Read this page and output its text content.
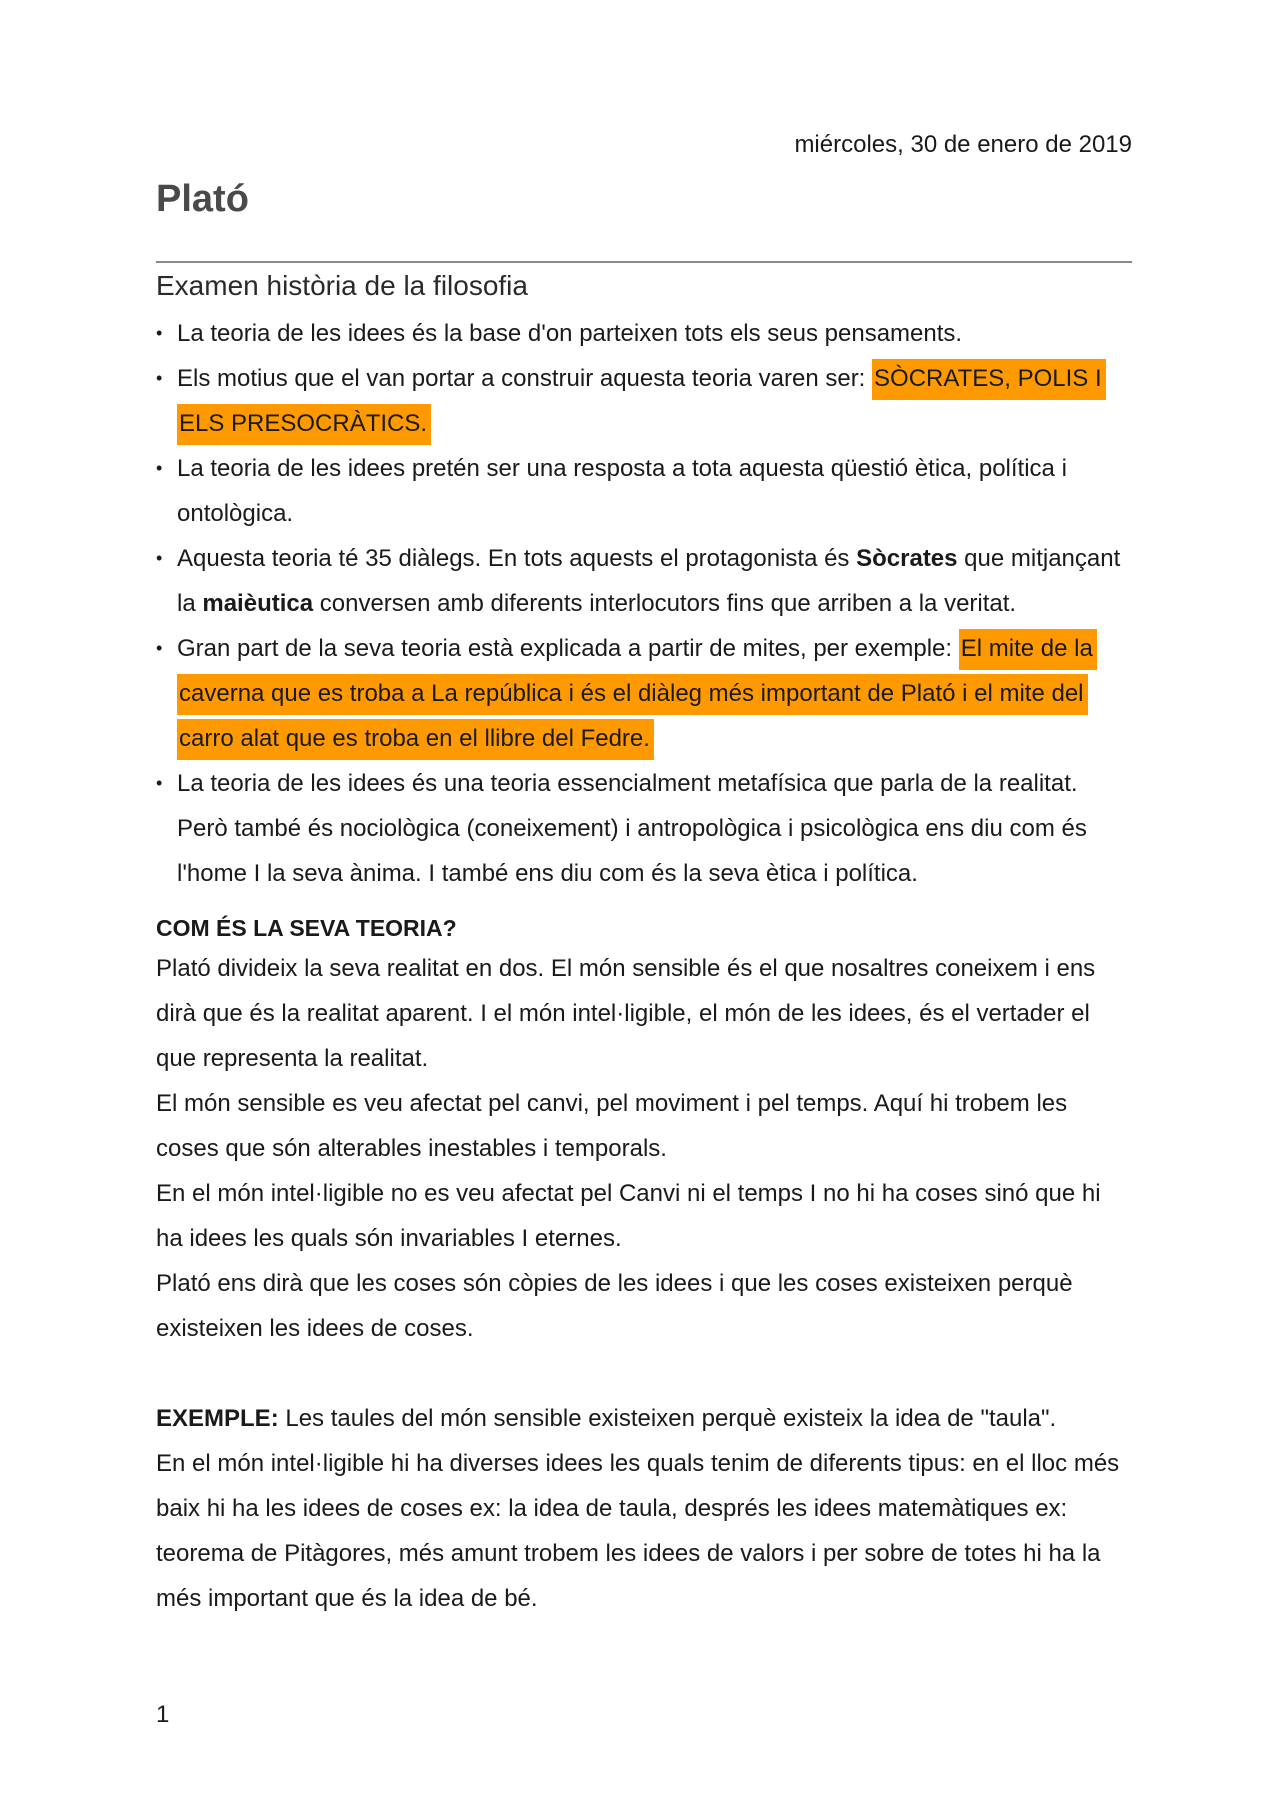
miércoles, 30 de enero de 2019
Plató
Examen història de la filosofia
• La teoria de les idees és la base d'on parteixen tots els seus pensaments.
• Els motius que el van portar a construir aquesta teoria varen ser: SÒCRATES, POLIS I ELS PRESOCRÀTICS.
• La teoria de les idees pretén ser una resposta a tota aquesta qüestió ètica, política i ontològica.
• Aquesta teoria té 35 diàlegs. En tots aquests el protagonista és Sòcrates que mitjançant la maièutica conversen amb diferents interlocutors fins que arriben a la veritat.
• Gran part de la seva teoria està explicada a partir de mites, per exemple: El mite de la caverna que es troba a La república i és el diàleg més important de Plató i el mite del carro alat que es troba en el llibre del Fedre.
• La teoria de les idees és una teoria essencialment metafísica que parla de la realitat. Però també és nociològica (coneixement) i antropològica i psicològica ens diu com és l'home I la seva ànima. I també ens diu com és la seva ètica i política.
COM ÉS LA SEVA TEORIA?

Plató divideix la seva realitat en dos. El món sensible és el que nosaltres coneixem i ens dirà que és la realitat aparent. I el món intel·ligible, el món de les idees, és el vertader el que representa la realitat.

El món sensible es veu afectat pel canvi, pel moviment i pel temps. Aquí hi trobem les coses que són alterables inestables i temporals.

En el món intel·ligible no es veu afectat pel Canvi ni el temps I no hi ha coses sinó que hi ha idees les quals són invariables I eternes.

Plató ens dirà que les coses són còpies de les idees i que les coses existeixen perquè existeixen les idees de coses.

EXEMPLE: Les taules del món sensible existeixen perquè existeix la idea de "taula".

En el món intel·ligible hi ha diverses idees les quals tenim de diferents tipus: en el lloc més baix hi ha les idees de coses ex: la idea de taula, després les idees matemàtiques ex: teorema de Pitàgores, més amunt trobem les idees de valors i per sobre de totes hi ha la més important que és la idea de bé.

1
